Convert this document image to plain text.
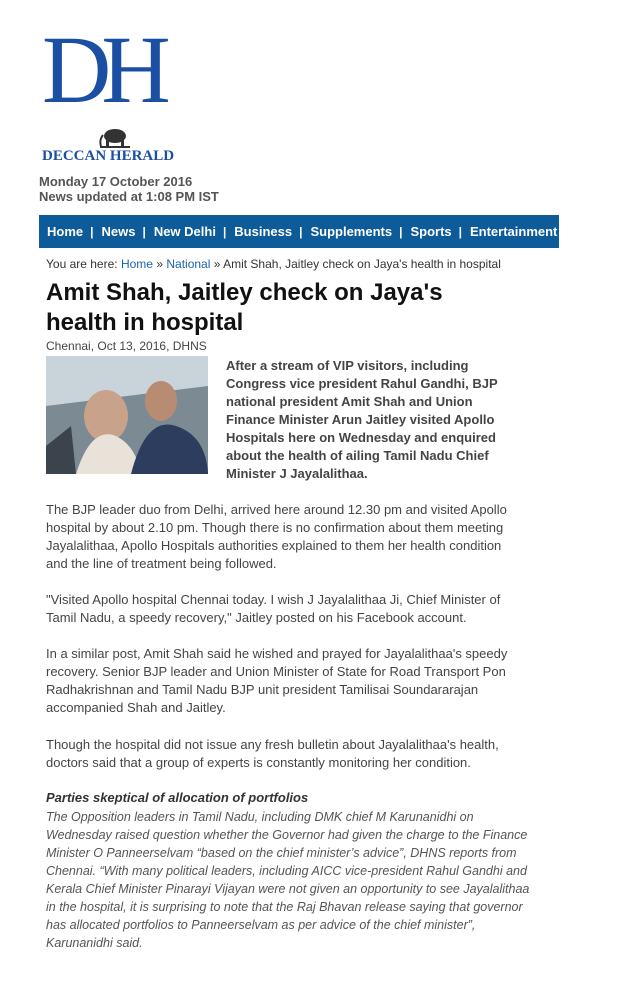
DH
DECCAN HERALD
Monday 17 October 2016
News updated at 1:08 PM IST
Home | News | New Delhi | Business | Supplements | Sports | Entertainment
You are here: Home » National » Amit Shah, Jaitley check on Jaya's health in hospital
Amit Shah, Jaitley check on Jaya's health in hospital
Chennai, Oct 13, 2016, DHNS

After a stream of VIP visitors, including Congress vice president Rahul Gandhi, BJP national president Amit Shah and Union Finance Minister Arun Jaitley visited Apollo Hospitals here on Wednesday and enquired about the health of ailing Tamil Nadu Chief Minister J Jayalalithaa.

The BJP leader duo from Delhi, arrived here around 12.30 pm and visited Apollo hospital by about 2.10 pm. Though there is no confirmation about them meeting Jayalalithaa, Apollo Hospitals authorities explained to them her health condition and the line of treatment being followed.

"Visited Apollo hospital Chennai today. I wish J Jayalalithaa Ji, Chief Minister of Tamil Nadu, a speedy recovery," Jaitley posted on his Facebook account.

In a similar post, Amit Shah said he wished and prayed for Jayalalithaa's speedy recovery. Senior BJP leader and Union Minister of State for Road Transport Pon Radhakrishnan and Tamil Nadu BJP unit president Tamilisai Soundararajan accompanied Shah and Jaitley.

Though the hospital did not issue any fresh bulletin about Jayalalithaa's health, doctors said that a group of experts is constantly monitoring her condition.

Parties skeptical of allocation of portfolios

The Opposition leaders in Tamil Nadu, including DMK chief M Karunanidhi on Wednesday raised question whether the Governor had given the charge to the Finance Minister O Panneerselvam “based on the chief minister’s advice”, DHNS reports from Chennai. “With many political leaders, including AICC vice-president Rahul Gandhi and Kerala Chief Minister Pinarayi Vijayan were not given an opportunity to see Jayalalithaa in the hospital, it is surprising to note that the Raj Bhavan release saying that governor has allocated portfolios to Panneerselvam as per advice of the chief minister”, Karunanidhi said.
